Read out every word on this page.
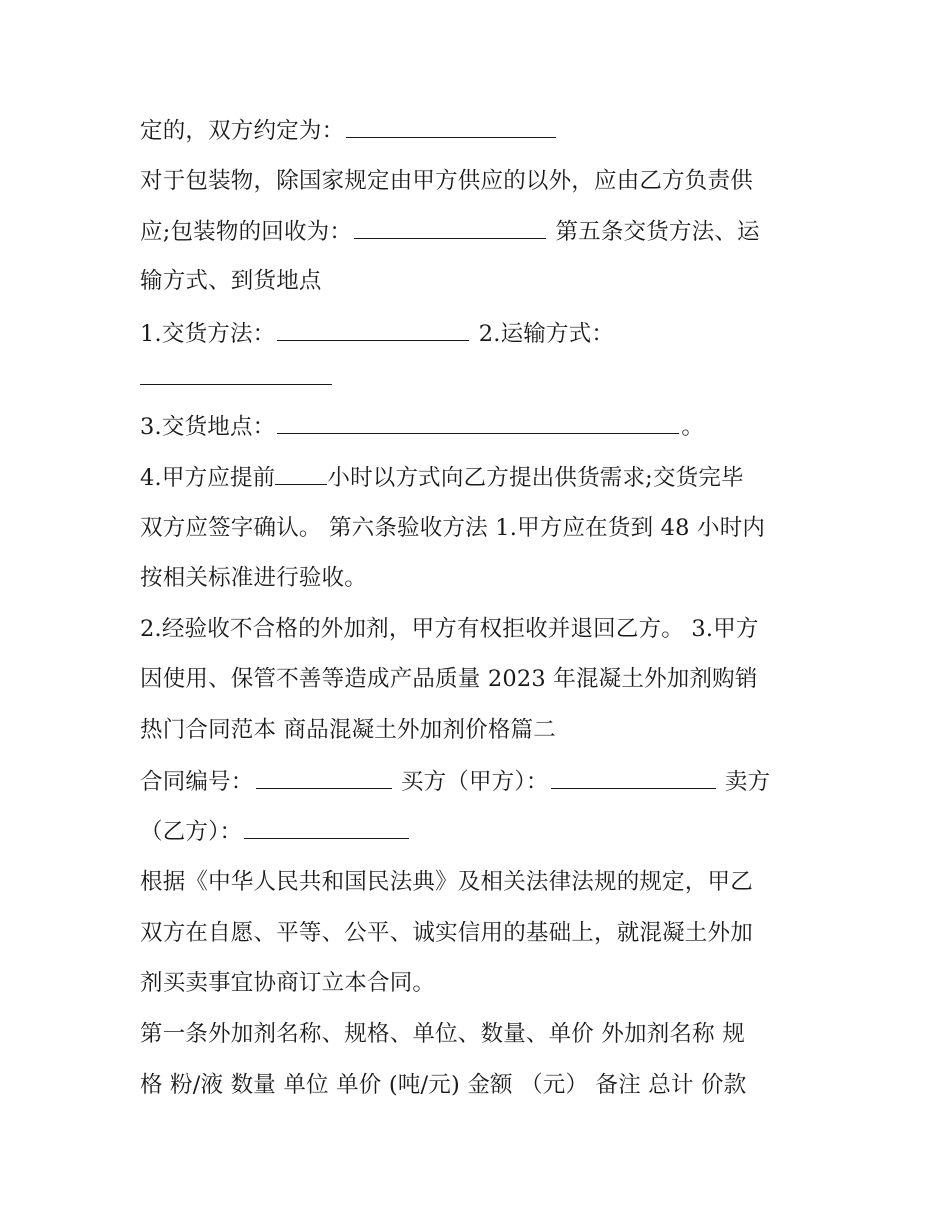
定的，双方约定为：
对于包装物，除国家规定由甲方供应的以外，应由乙方负责供
应;包装物的回收为：	第五条交货方法、运
输方式、到货地点
1.交货方法：	2.运输方式：
3.交货地点：	。
4.甲方应提前 小时以方式向乙方提出供货需求;交货完毕
双方应签字确认。 第六条验收方法 1.甲方应在货到 48 小时内
按相关标准进行验收。
2.经验收不合格的外加剂，甲方有权拒收并退回乙方。 3.甲方
因使用、保管不善等造成产品质量 2023 年混凝土外加剂购销
热门合同范本 商品混凝土外加剂价格篇二
合同编号：	买方（甲方）：	卖方
（乙方）：
根据《中华人民共和国民法典》及相关法律法规的规定，甲乙
双方在自愿、平等、公平、诚实信用的基础上，就混凝土外加
剂买卖事宜协商订立本合同。
第一条外加剂名称、规格、单位、数量、单价 外加剂名称 规
格 粉/液 数量 单位 单价 (吨/元) 金额 （元） 备注 总计 价款
